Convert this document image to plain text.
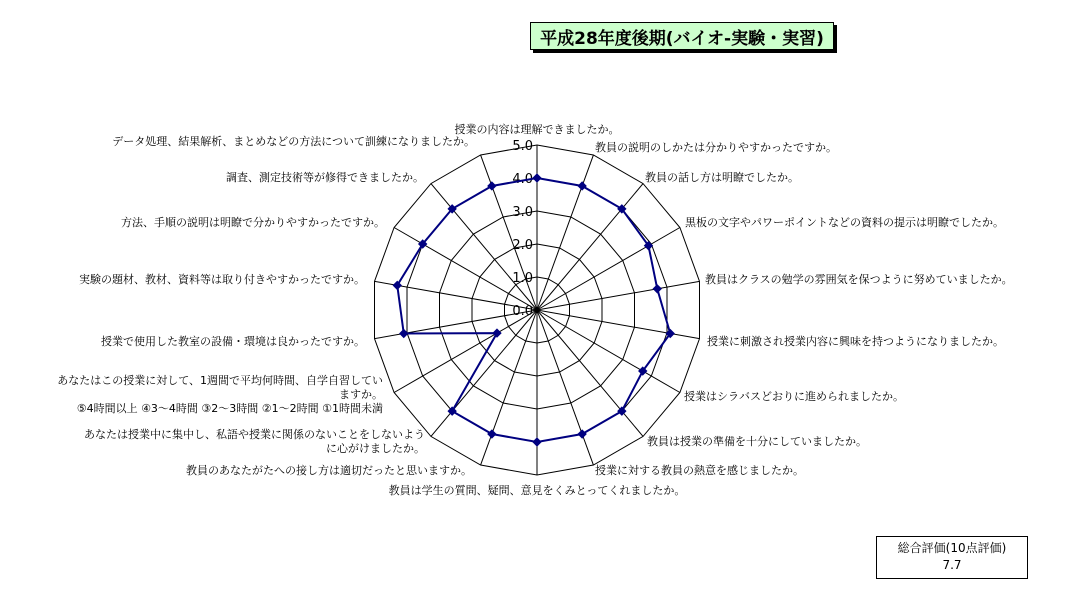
平成28年度後期(バイオ-実験・実習)
0.0
1.0
2.0
3.0
4.0
5.0
授業の内容は理解できましたか。
教員の説明のしかたは分かりやすかったですか。
教員の話し方は明瞭でしたか。
黒板の文字やパワーポイントなどの資料の提示は明瞭でしたか。
教員はクラスの勉学の雰囲気を保つように努めていましたか。
授業に刺激され授業内容に興味を持つようになりましたか。
授業はシラバスどおりに進められましたか。
教員は授業の準備を十分にしていましたか。
授業に対する教員の熱意を感じましたか。
教員は学生の質問、疑問、意見をくみとってくれましたか。
教員のあなたがたへの接し方は適切だったと思いますか。
あなたは授業中に集中し、私語や授業に関係のないことをしないように心がけましたか。
あなたはこの授業に対して、1週間で平均何時間、自学自習していますか。 ⑤4時間以上 ④3～4時間 ③2～3時間 ②1～2時間 ①1時間未満
授業で使用した教室の設備・環境は良かったですか。
実験の題材、教材、資料等は取り付きやすかったですか。
方法、手順の説明は明瞭で分かりやすかったですか。
調査、測定技術等が修得できましたか。
データ処理、結果解析、まとめなどの方法について訓練になりましたか。
総合評価(10点評価)
7.7
